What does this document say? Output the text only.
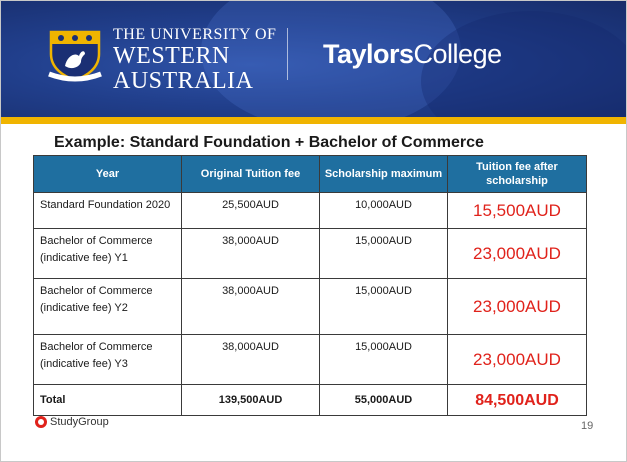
THE UNIVERSITY OF
WESTERN
AUSTRALIA
TaylorsCollege
Example: Standard Foundation + Bachelor of Commerce
Year	Original Tuition fee	Scholarship maximum	Tuition fee after scholarship

Standard Foundation 2020	25,500AUD	10,000AUD	15,500AUD

Bachelor of Commerce
(indicative fee) Y1	38,000AUD	15,000AUD	23,000AUD

Bachelor of Commerce
(indicative fee) Y2	38,000AUD	15,000AUD	23,000AUD

Bachelor of Commerce
(indicative fee) Y3	38,000AUD	15,000AUD	23,000AUD
Total	139,500AUD	55,000AUD	84,500AUD
StudyGroup	19
